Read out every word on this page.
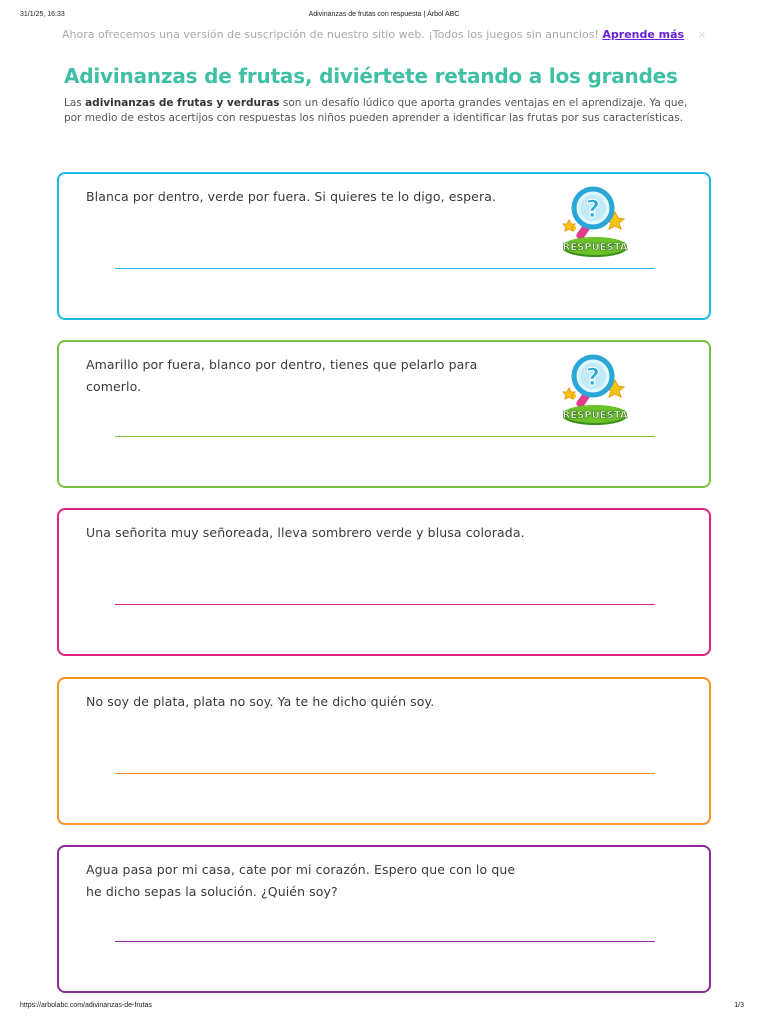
31/1/25, 16:33	Adivinanzas de frutas con respuesta | Árbol ABC
Ahora ofrecemos una versión de suscripción de nuestro sitio web. ¡Todos los juegos sin anuncios! Aprende más ✕
Adivinanzas de frutas, diviértete retando a los grandes
Las adivinanzas de frutas y verduras son un desafío lúdico que aporta grandes ventajas en el aprendizaje. Ya que, por medio de estos acertijos con respuestas los niños pueden aprender a identificar las frutas por sus características.
Blanca por dentro, verde por fuera. Si quieres te lo digo, espera.	?
RESPUESTA
Amarillo por fuera, blanco por dentro, tienes que pelarlo para comerlo.	?
RESPUESTA
Una señorita muy señoreada, lleva sombrero verde y blusa colorada.
No soy de plata, plata no soy. Ya te he dicho quién soy.
Agua pasa por mi casa, cate por mi corazón. Espero que con lo que he dicho sepas la solución. ¿Quién soy?
https://arbolabc.com/adivinanzas-de-frutas	1/3
